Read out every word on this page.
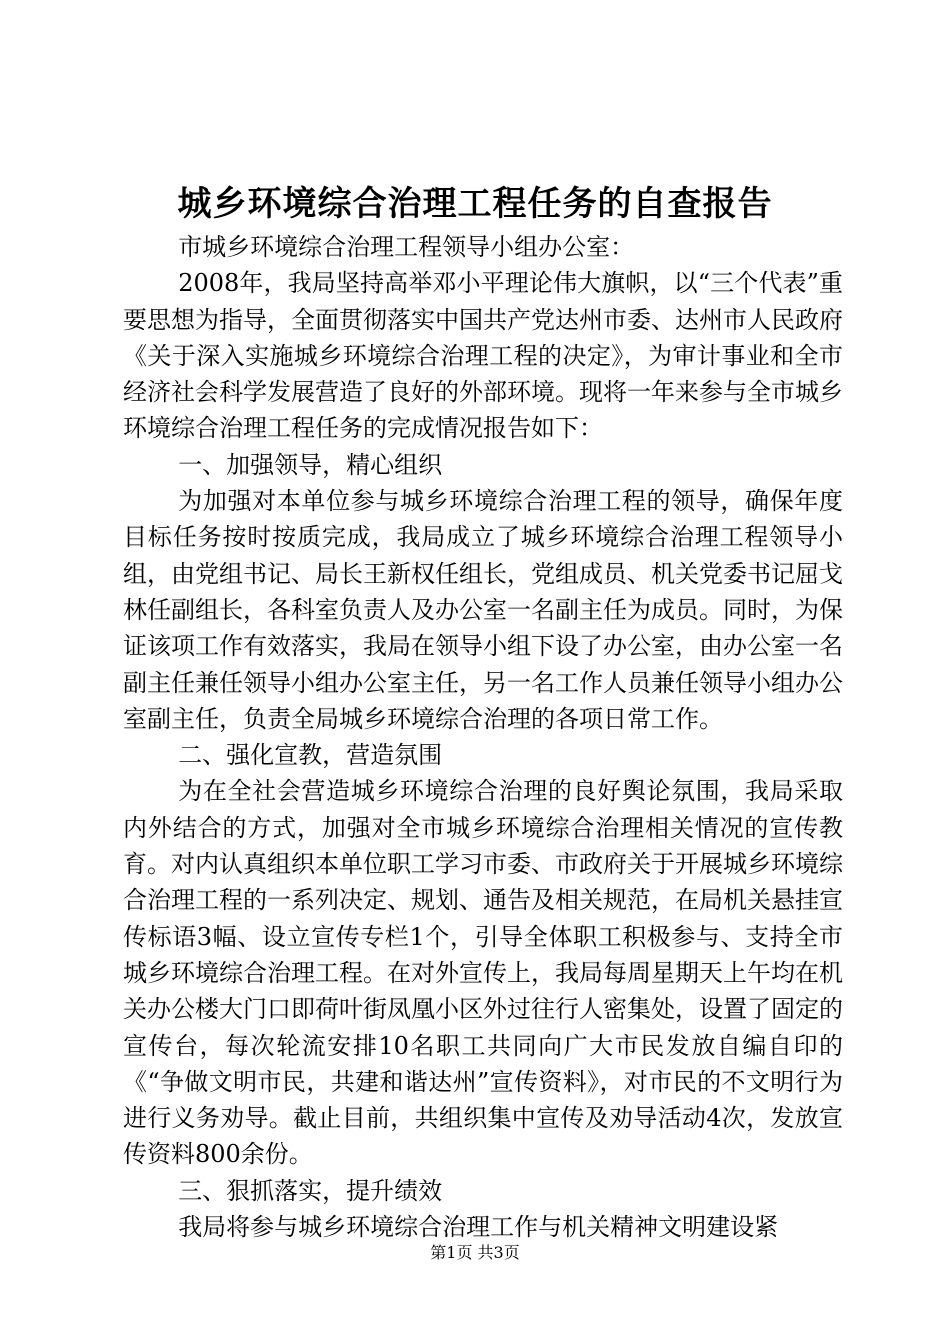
城乡环境综合治理工程任务的自查报告

市城乡环境综合治理工程领导小组办公室：

2008年，我局坚持高举邓小平理论伟大旗帜，以“三个代表”重要思想为指导，全面贯彻落实中国共产党达州市委、达州市人民政府《关于深入实施城乡环境综合治理工程的决定》，为审计事业和全市经济社会科学发展营造了良好的外部环境。现将一年来参与全市城乡环境综合治理工程任务的完成情况报告如下：

一、加强领导，精心组织

为加强对本单位参与城乡环境综合治理工程的领导，确保年度目标任务按时按质完成，我局成立了城乡环境综合治理工程领导小组，由党组书记、局长王新权任组长，党组成员、机关党委书记屈戈林任副组长，各科室负责人及办公室一名副主任为成员。同时，为保证该项工作有效落实，我局在领导小组下设了办公室，由办公室一名副主任兼任领导小组办公室主任，另一名工作人员兼任领导小组办公室副主任，负责全局城乡环境综合治理的各项日常工作。

二、强化宣教，营造氛围

为在全社会营造城乡环境综合治理的良好舆论氛围，我局采取内外结合的方式，加强对全市城乡环境综合治理相关情况的宣传教育。对内认真组织本单位职工学习市委、市政府关于开展城乡环境综合治理工程的一系列决定、规划、通告及相关规范，在局机关悬挂宣传标语3幅、设立宣传专栏1个，引导全体职工积极参与、支持全市城乡环境综合治理工程。在对外宣传上，我局每周星期天上午均在机关办公楼大门口即荷叶街凤凰小区外过往行人密集处，设置了固定的宣传台，每次轮流安排10名职工共同向广大市民发放自编自印的《“争做文明市民，共建和谐达州”宣传资料》，对市民的不文明行为进行义务劝导。截止目前，共组织集中宣传及劝导活动4次，发放宣传资料800余份。

三、狠抓落实，提升绩效

我局将参与城乡环境综合治理工作与机关精神文明建设紧

第1页 共3页
